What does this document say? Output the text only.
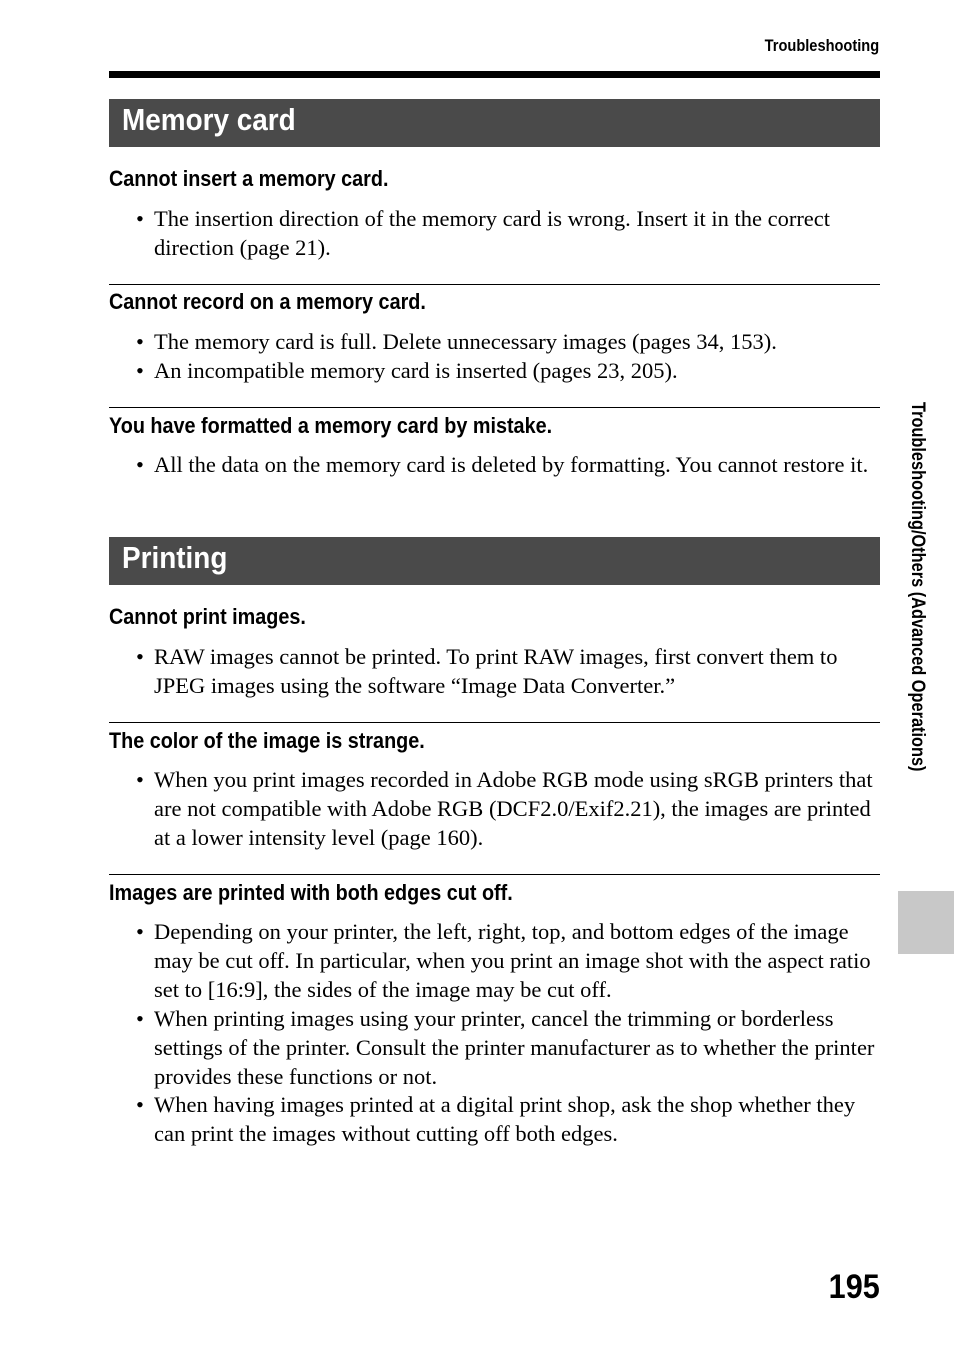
Troubleshooting
Memory card
Cannot insert a memory card.
• The insertion direction of the memory card is wrong. Insert it in the correct direction (page 21).
Cannot record on a memory card.
• The memory card is full. Delete unnecessary images (pages 34, 153).
• An incompatible memory card is inserted (pages 23, 205).
You have formatted a memory card by mistake.
• All the data on the memory card is deleted by formatting. You cannot restore it.
Printing
Cannot print images.
• RAW images cannot be printed. To print RAW images, first convert them to JPEG images using the software “Image Data Converter.”
The color of the image is strange.
• When you print images recorded in Adobe RGB mode using sRGB printers that are not compatible with Adobe RGB (DCF2.0/Exif2.21), the images are printed at a lower intensity level (page 160).
Images are printed with both edges cut off.
• Depending on your printer, the left, right, top, and bottom edges of the image may be cut off. In particular, when you print an image shot with the aspect ratio set to [16:9], the sides of the image may be cut off.
• When printing images using your printer, cancel the trimming or borderless settings of the printer. Consult the printer manufacturer as to whether the printer provides these functions or not.
• When having images printed at a digital print shop, ask the shop whether they can print the images without cutting off both edges.
Troubleshooting/Others (Advanced Operations)
195
